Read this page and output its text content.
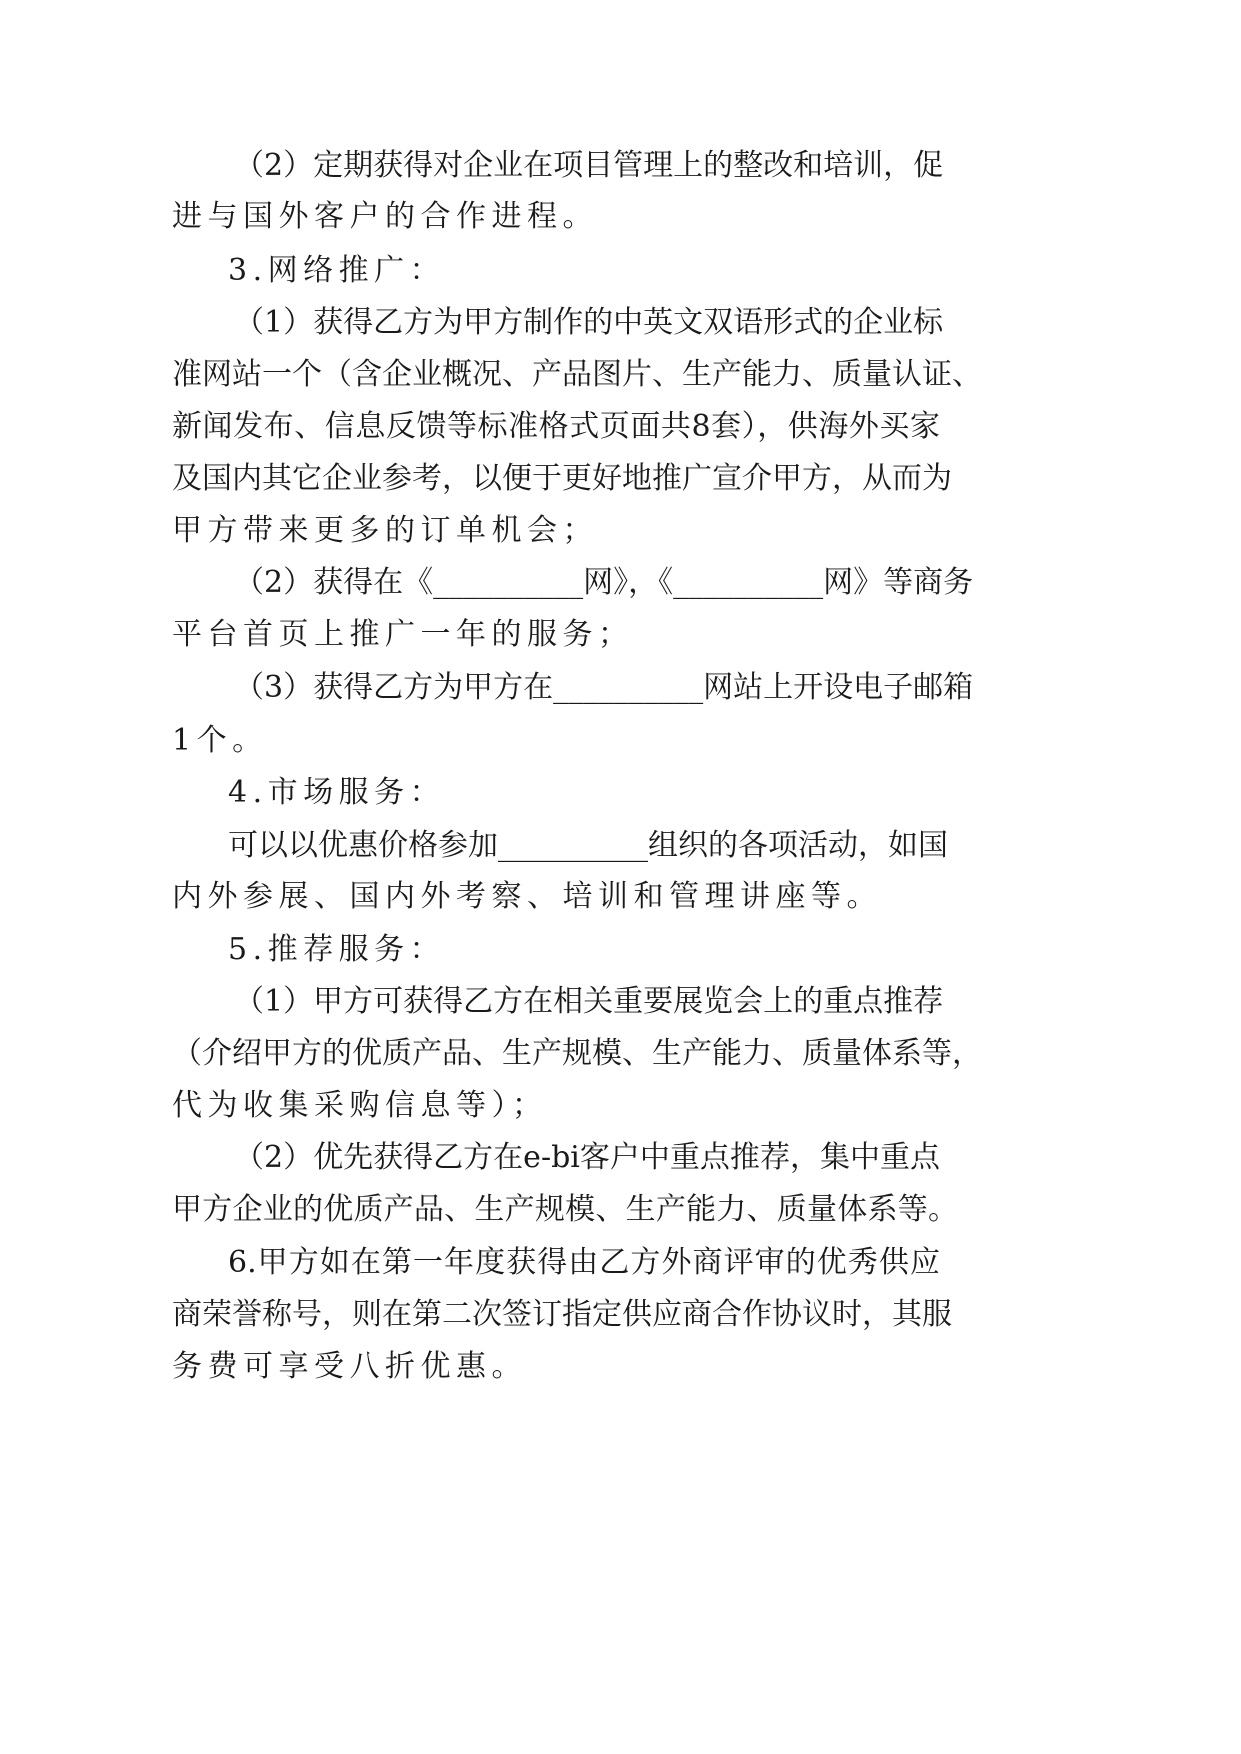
（2）定期获得对企业在项目管理上的整改和培训，促
进与国外客户的合作进程。
3.网络推广：
（1）获得乙方为甲方制作的中英文双语形式的企业标
准网站一个（含企业概况、产品图片、生产能力、质量认证、
新闻发布、信息反馈等标准格式页面共8套），供海外买家
及国内其它企业参考，以便于更好地推广宣介甲方，从而为
甲方带来更多的订单机会；
（2）获得在《__________网》，《__________网》等商务
平台首页上推广一年的服务；
（3）获得乙方为甲方在__________网站上开设电子邮箱
1个。
4.市场服务：
可以以优惠价格参加__________组织的各项活动，如国
内外参展、国内外考察、培训和管理讲座等。
5.推荐服务：
（1）甲方可获得乙方在相关重要展览会上的重点推荐
（介绍甲方的优质产品、生产规模、生产能力、质量体系等，
代为收集采购信息等）；
（2）优先获得乙方在e-bi客户中重点推荐，集中重点
甲方企业的优质产品、生产规模、生产能力、质量体系等。
6.甲方如在第一年度获得由乙方外商评审的优秀供应
商荣誉称号，则在第二次签订指定供应商合作协议时，其服
务费可享受八折优惠。
